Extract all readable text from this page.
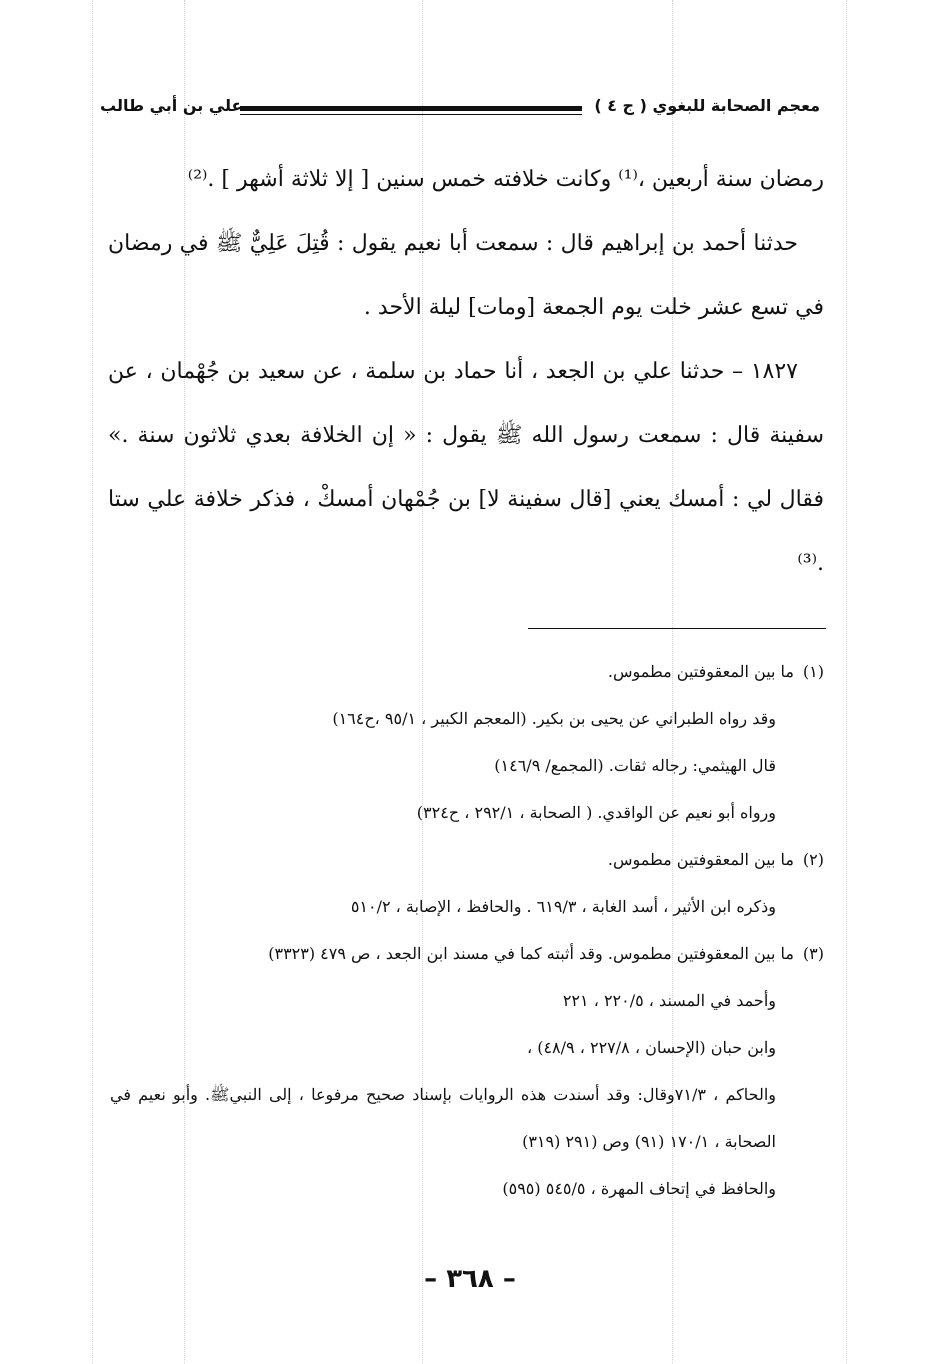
معجم الصحابة للبغوي ( ج ٤ )
علي بن أبي طالب

رمضان سنة أربعين ،⁽¹⁾ وكانت خلافته خمس سنين [ إلا ثلاثة أشهر ] .⁽²⁾

حدثنا أحمد بن إبراهيم قال : سمعت أبا نعيم يقول : قُتِلَ عَلِيٌّ ﷺ في رمضان في تسع عشر خلت يوم الجمعة [ومات] ليلة الأحد .

١٨٢٧ – حدثنا علي بن الجعد ، أنا حماد بن سلمة ، عن سعيد بن جُهْمان ، عن سفينة قال : سمعت رسول الله ﷺ يقول : « إن الخلافة بعدي ثلاثون سنة .» فقال لي : أمسك يعني [قال سفينة لا] بن جُمْهان أمسكْ ، فذكر خلافة علي ستا .⁽³⁾

(١)ما بين المعقوفتين مطموس.
وقد رواه الطبراني عن يحيى بن بكير. (المعجم الكبير ، ٩٥/١ ،ح١٦٤)
قال الهيثمي: رجاله ثقات. (المجمع/ ١٤٦/٩)
ورواه أبو نعيم عن الواقدي. ( الصحابة ، ٢٩٢/١ ، ح٣٢٤)
(٢)ما بين المعقوفتين مطموس.
وذكره ابن الأثير ، أسد الغابة ، ٦١٩/٣ . والحافظ ، الإصابة ، ٥١٠/٢
(٣)ما بين المعقوفتين مطموس. وقد أثبته كما في مسند ابن الجعد ، ص ٤٧٩ (٣٣٢٣)
وأحمد في المسند ، ٢٢٠/٥ ، ٢٢١
وابن حبان (الإحسان ، ٢٢٧/٨ ، ٤٨/٩) ،
والحاكم ، ٧١/٣وقال: وقد أسندت هذه الروايات بإسناد صحيح مرفوعا ، إلى النبيﷺ. وأبو نعيم في الصحابة ، ١٧٠/١ (٩١) وص (٢٩١ (٣١٩)
والحافظ في إتحاف المهرة ، ٥٤٥/٥ (٥٩٥)
– ٣٦٨ –
